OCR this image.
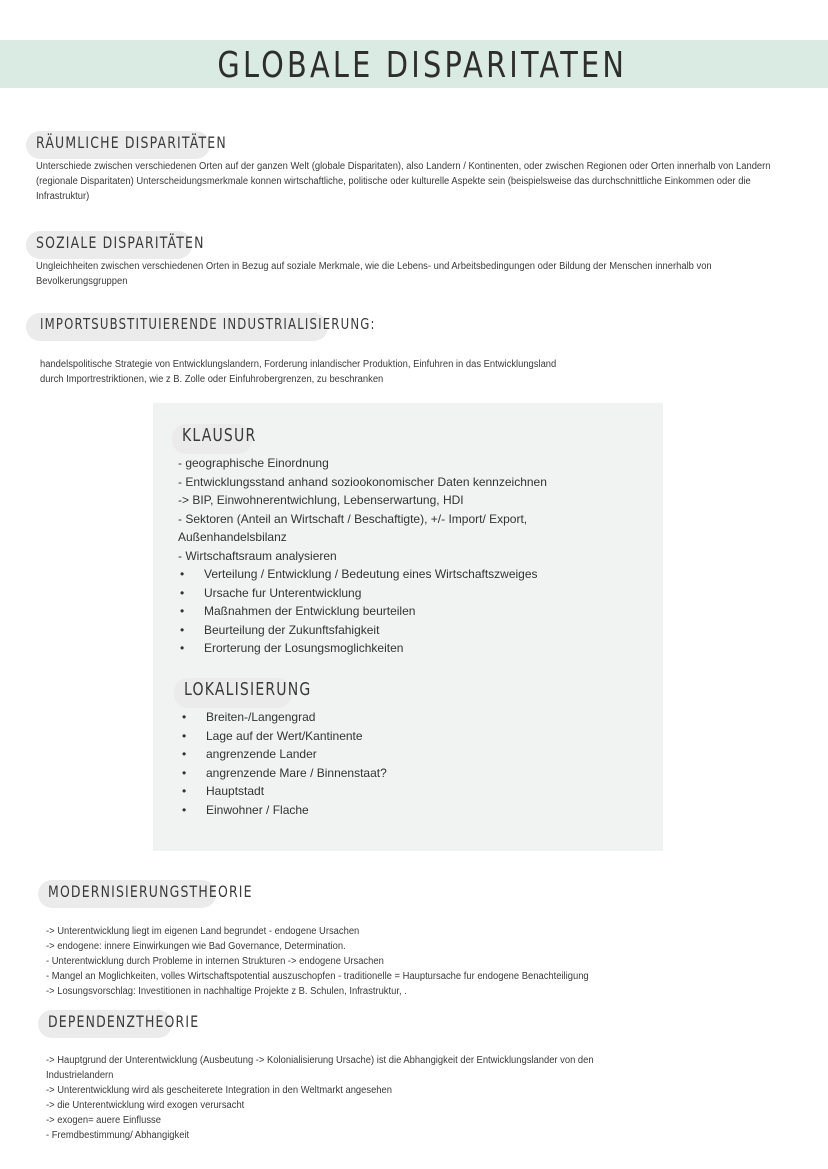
GLOBALE DISPARITATEN
RÄUMLICHE DISPARITÄTEN
Unterschiede zwischen verschiedenen Orten auf der ganzen Welt (globale Disparitaten), also Landern / Kontinenten, oder zwischen Regionen oder Orten innerhalb von Landern (regionale Disparitaten) Unterscheidungsmerkmale konnen wirtschaftliche, politische oder kulturelle Aspekte sein (beispielsweise das durchschnittliche Einkommen oder die Infrastruktur)
SOZIALE DISPARITÄTEN
Ungleichheiten zwischen verschiedenen Orten in Bezug auf soziale Merkmale, wie die Lebens- und Arbeitsbedingungen oder Bildung der Menschen innerhalb von Bevolkerungsgruppen
IMPORTSUBSTITUIERENDE INDUSTRIALISIERUNG:
handelspolitische Strategie von Entwicklungslandern, Forderung inlandischer Produktion, Einfuhren in das Entwicklungsland
durch Importrestriktionen, wie z B. Zolle oder Einfuhrobergrenzen, zu beschranken
KLAUSUR
- geographische Einordnung
- Entwicklungsstand anhand soziookonomischer Daten kennzeichnen
-> BIP, Einwohnerentwichlung, Lebenserwartung, HDI
- Sektoren (Anteil an Wirtschaft / Beschaftigte), +/- Import/ Export, Außenhandelsbilanz
- Wirtschaftsraum analysieren
•	Verteilung / Entwicklung / Bedeutung eines Wirtschaftszweiges
•	Ursache fur Unterentwicklung
•	Maßnahmen der Entwicklung beurteilen
•	Beurteilung der Zukunftsfahigkeit
•	Erorterung der Losungsmoglichkeiten
LOKALISIERUNG
•	Breiten-/Langengrad
•	Lage auf der Wert/Kantinente
•	angrenzende Lander
•	angrenzende Mare / Binnenstaat?
•	Hauptstadt
•	Einwohner / Flache
MODERNISIERUNGSTHEORIE
-> Unterentwicklung liegt im eigenen Land begrundet - endogene Ursachen
-> endogene: innere Einwirkungen wie Bad Governance, Determination.
- Unterentwicklung durch Probleme in internen Strukturen -> endogene Ursachen
- Mangel an Moglichkeiten, volles Wirtschaftspotential auszuschopfen - traditionelle = Hauptursache fur endogene Benachteiligung
-> Losungsvorschlag: Investitionen in nachhaltige Projekte z B. Schulen, Infrastruktur, .
DEPENDENZTHEORIE
-> Hauptgrund der Unterentwicklung (Ausbeutung -> Kolonialisierung Ursache) ist die Abhangigkeit der Entwicklungslander von den
Industrielandern
-> Unterentwicklung wird als gescheiterete Integration in den Weltmarkt angesehen
-> die Unterentwicklung wird exogen verursacht
-> exogen= auere Einflusse
- Fremdbestimmung/ Abhangigkeit
